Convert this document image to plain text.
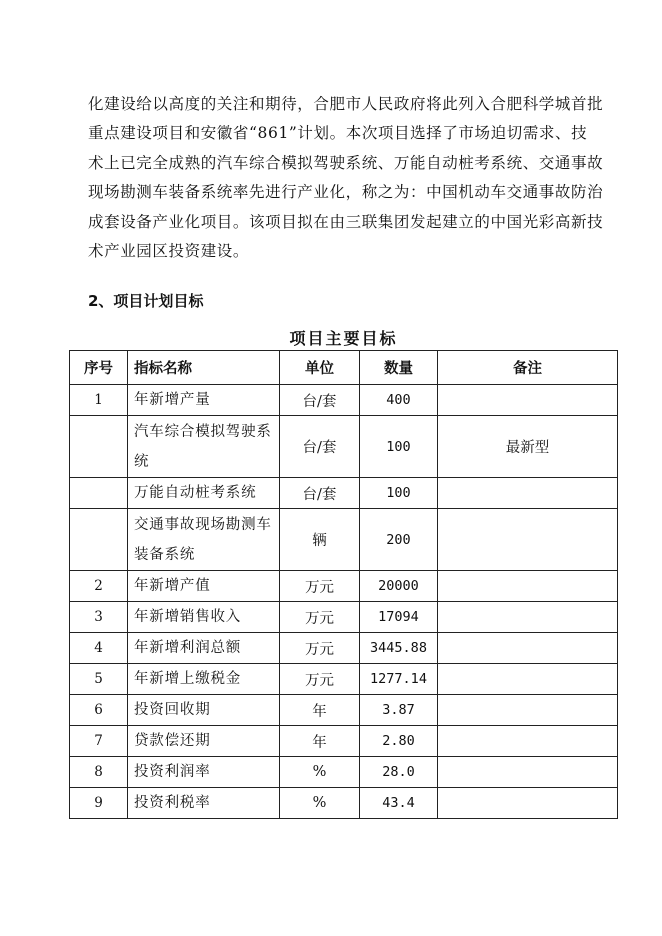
化建设给以高度的关注和期待，合肥市人民政府将此列入合肥科学城首批
重点建设项目和安徽省“861”计划。本次项目选择了市场迫切需求、技
术上已完全成熟的汽车综合模拟驾驶系统、万能自动桩考系统、交通事故
现场勘测车装备系统率先进行产业化，称之为：中国机动车交通事故防治
成套设备产业化项目。该项目拟在由三联集团发起建立的中国光彩高新技
术产业园区投资建设。
2、项目计划目标
项目主要目标
序号	指标名称	单位	数量	备注
1	年新增产量	台/套	400	
	汽车综合模拟驾驶系统	台/套	100	最新型
	万能自动桩考系统	台/套	100	
	交通事故现场勘测车装备系统	辆	200	
2	年新增产值	万元	20000	
3	年新增销售收入	万元	17094	
4	年新增利润总额	万元	3445.88	
5	年新增上缴税金	万元	1277.14	
6	投资回收期	年	3.87	
7	贷款偿还期	年	2.80	
8	投资利润率	%	28.0	
9	投资利税率	%	43.4	
